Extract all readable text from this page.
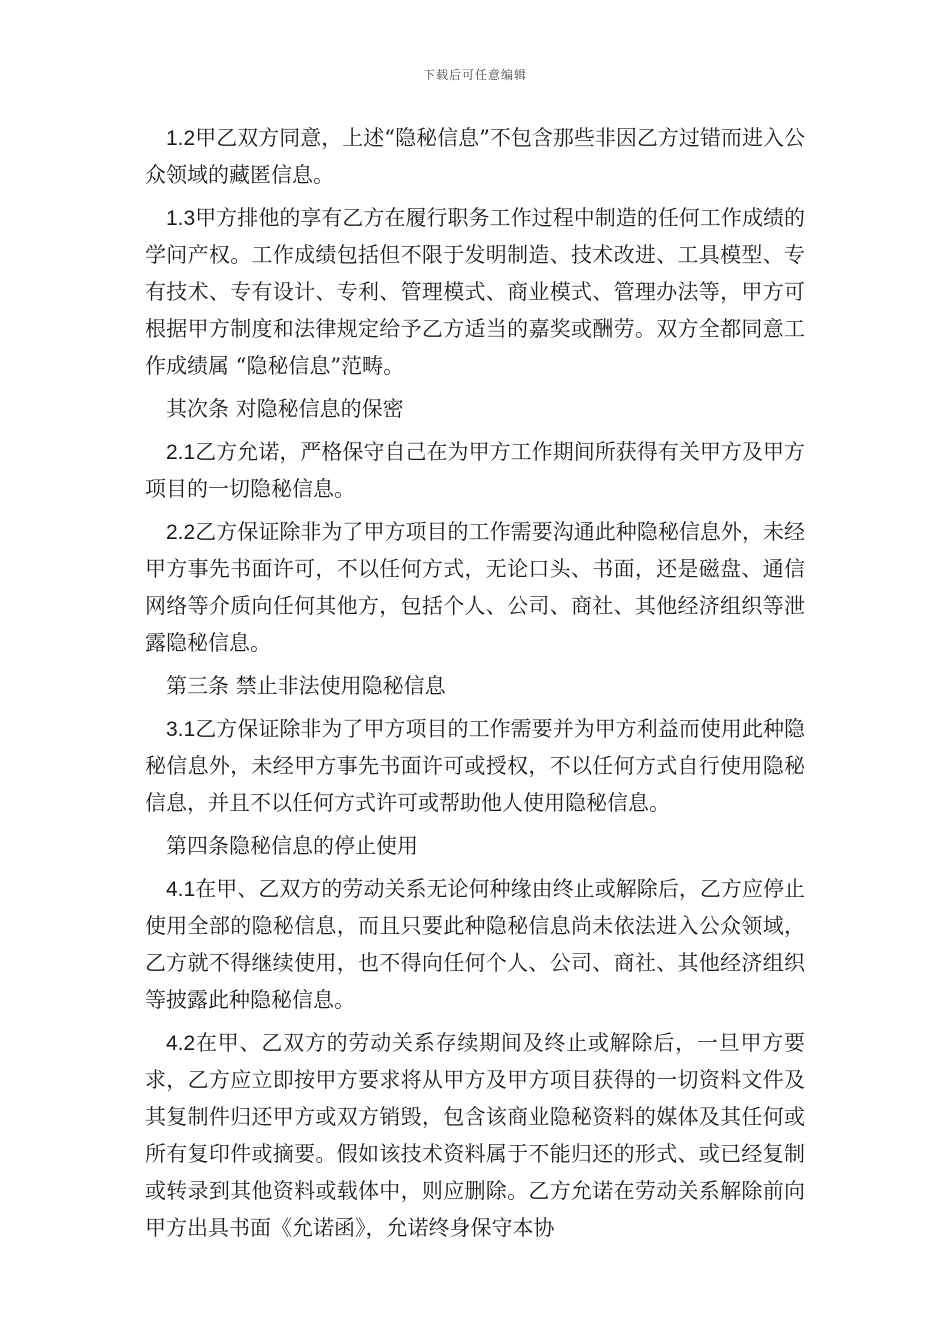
下载后可任意编辑

1.2甲乙双方同意，上述“隐秘信息”不包含那些非因乙方过错而进入公众领域的藏匿信息。

1.3甲方排他的享有乙方在履行职务工作过程中制造的任何工作成绩的学问产权。工作成绩包括但不限于发明制造、技术改进、工具模型、专有技术、专有设计、专利、管理模式、商业模式、管理办法等，甲方可根据甲方制度和法律规定给予乙方适当的嘉奖或酬劳。双方全都同意工作成绩属 “隐秘信息”范畴。

其次条 对隐秘信息的保密

2.1乙方允诺，严格保守自己在为甲方工作期间所获得有关甲方及甲方项目的一切隐秘信息。

2.2乙方保证除非为了甲方项目的工作需要沟通此种隐秘信息外，未经甲方事先书面许可，不以任何方式，无论口头、书面，还是磁盘、通信网络等介质向任何其他方，包括个人、公司、商社、其他经济组织等泄露隐秘信息。

第三条 禁止非法使用隐秘信息

3.1乙方保证除非为了甲方项目的工作需要并为甲方利益而使用此种隐秘信息外，未经甲方事先书面许可或授权，不以任何方式自行使用隐秘信息，并且不以任何方式许可或帮助他人使用隐秘信息。

第四条隐秘信息的停止使用

4.1在甲、乙双方的劳动关系无论何种缘由终止或解除后，乙方应停止使用全部的隐秘信息，而且只要此种隐秘信息尚未依法进入公众领域，乙方就不得继续使用，也不得向任何个人、公司、商社、其他经济组织等披露此种隐秘信息。

4.2在甲、乙双方的劳动关系存续期间及终止或解除后，一旦甲方要求，乙方应立即按甲方要求将从甲方及甲方项目获得的一切资料文件及其复制件归还甲方或双方销毁，包含该商业隐秘资料的媒体及其任何或所有复印件或摘要。假如该技术资料属于不能归还的形式、或已经复制或转录到其他资料或载体中，则应删除。乙方允诺在劳动关系解除前向甲方出具书面《允诺函》，允诺终身保守本协
